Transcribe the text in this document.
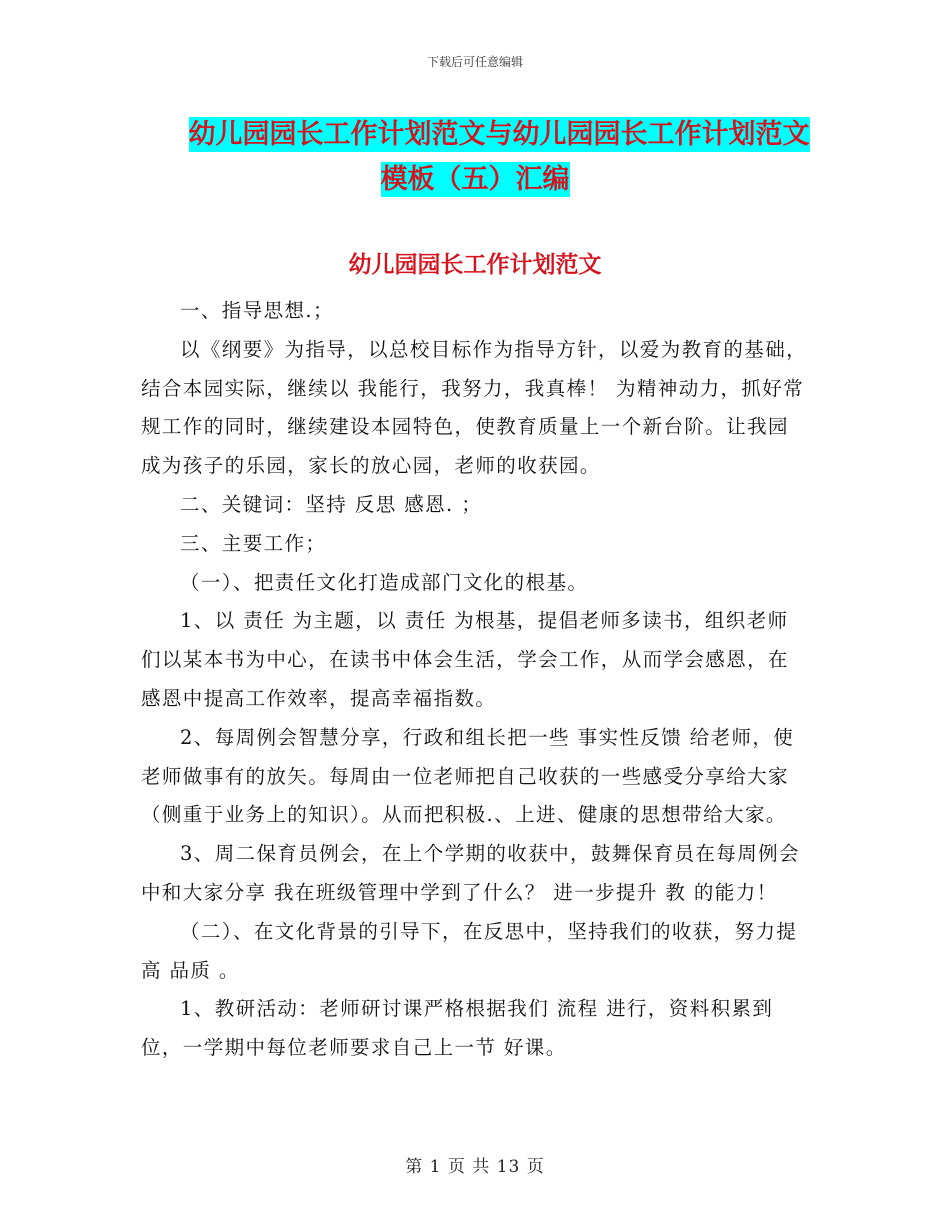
下载后可任意编辑
幼儿园园长工作计划范文与幼儿园园长工作计划范文
模板（五）汇编
幼儿园园长工作计划范文

一、指导思想.；

以《纲要》为指导，以总校目标作为指导方针，以爱为教育的基础，结合本园实际，继续以 我能行，我努力，我真棒！ 为精神动力，抓好常规工作的同时，继续建设本园特色，使教育质量上一个新台阶。让我园成为孩子的乐园，家长的放心园，老师的收获园。

二、关键词：坚持 反思 感恩. ；

三、主要工作；

（一）、把责任文化打造成部门文化的根基。

1、以 责任 为主题，以 责任 为根基，提倡老师多读书，组织老师们以某本书为中心，在读书中体会生活，学会工作，从而学会感恩，在感恩中提高工作效率，提高幸福指数。

2、每周例会智慧分享，行政和组长把一些 事实性反馈 给老师，使老师做事有的放矢。每周由一位老师把自己收获的一些感受分享给大家（侧重于业务上的知识）。从而把积极.、上进、健康的思想带给大家。

3、周二保育员例会，在上个学期的收获中，鼓舞保育员在每周例会中和大家分享 我在班级管理中学到了什么？ 进一步提升 教 的能力！

（二）、在文化背景的引导下，在反思中，坚持我们的收获，努力提高 品质 。

1、教研活动：老师研讨课严格根据我们 流程 进行，资料积累到位，一学期中每位老师要求自己上一节 好课。

第 1 页 共 13 页
